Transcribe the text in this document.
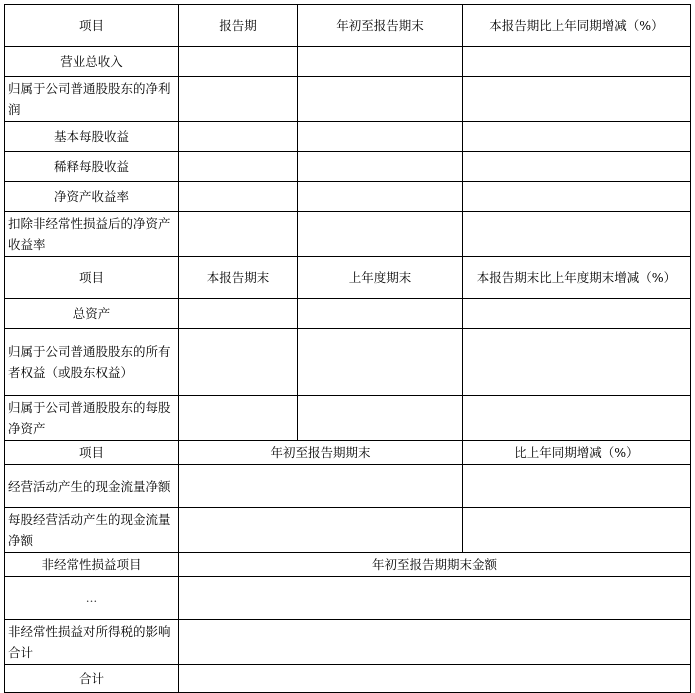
项目	报告期	年初至报告期末	本报告期比上年同期增减（%）
营业总收入			
归属于公司普通股股东的净利润			
基本每股收益			
稀释每股收益			
净资产收益率			
扣除非经常性损益后的净资产收益率			
项目	本报告期末	上年度期末	本报告期末比上年度期末增减（%）
总资产			
归属于公司普通股股东的所有者权益（或股东权益）			
归属于公司普通股股东的每股净资产			
项目	年初至报告期期末		比上年同期增减（%）
经营活动产生的现金流量净额			
每股经营活动产生的现金流量净额			
非经常性损益项目	年初至报告期期末金额		
…			
非经常性损益对所得税的影响合计			
合计			
